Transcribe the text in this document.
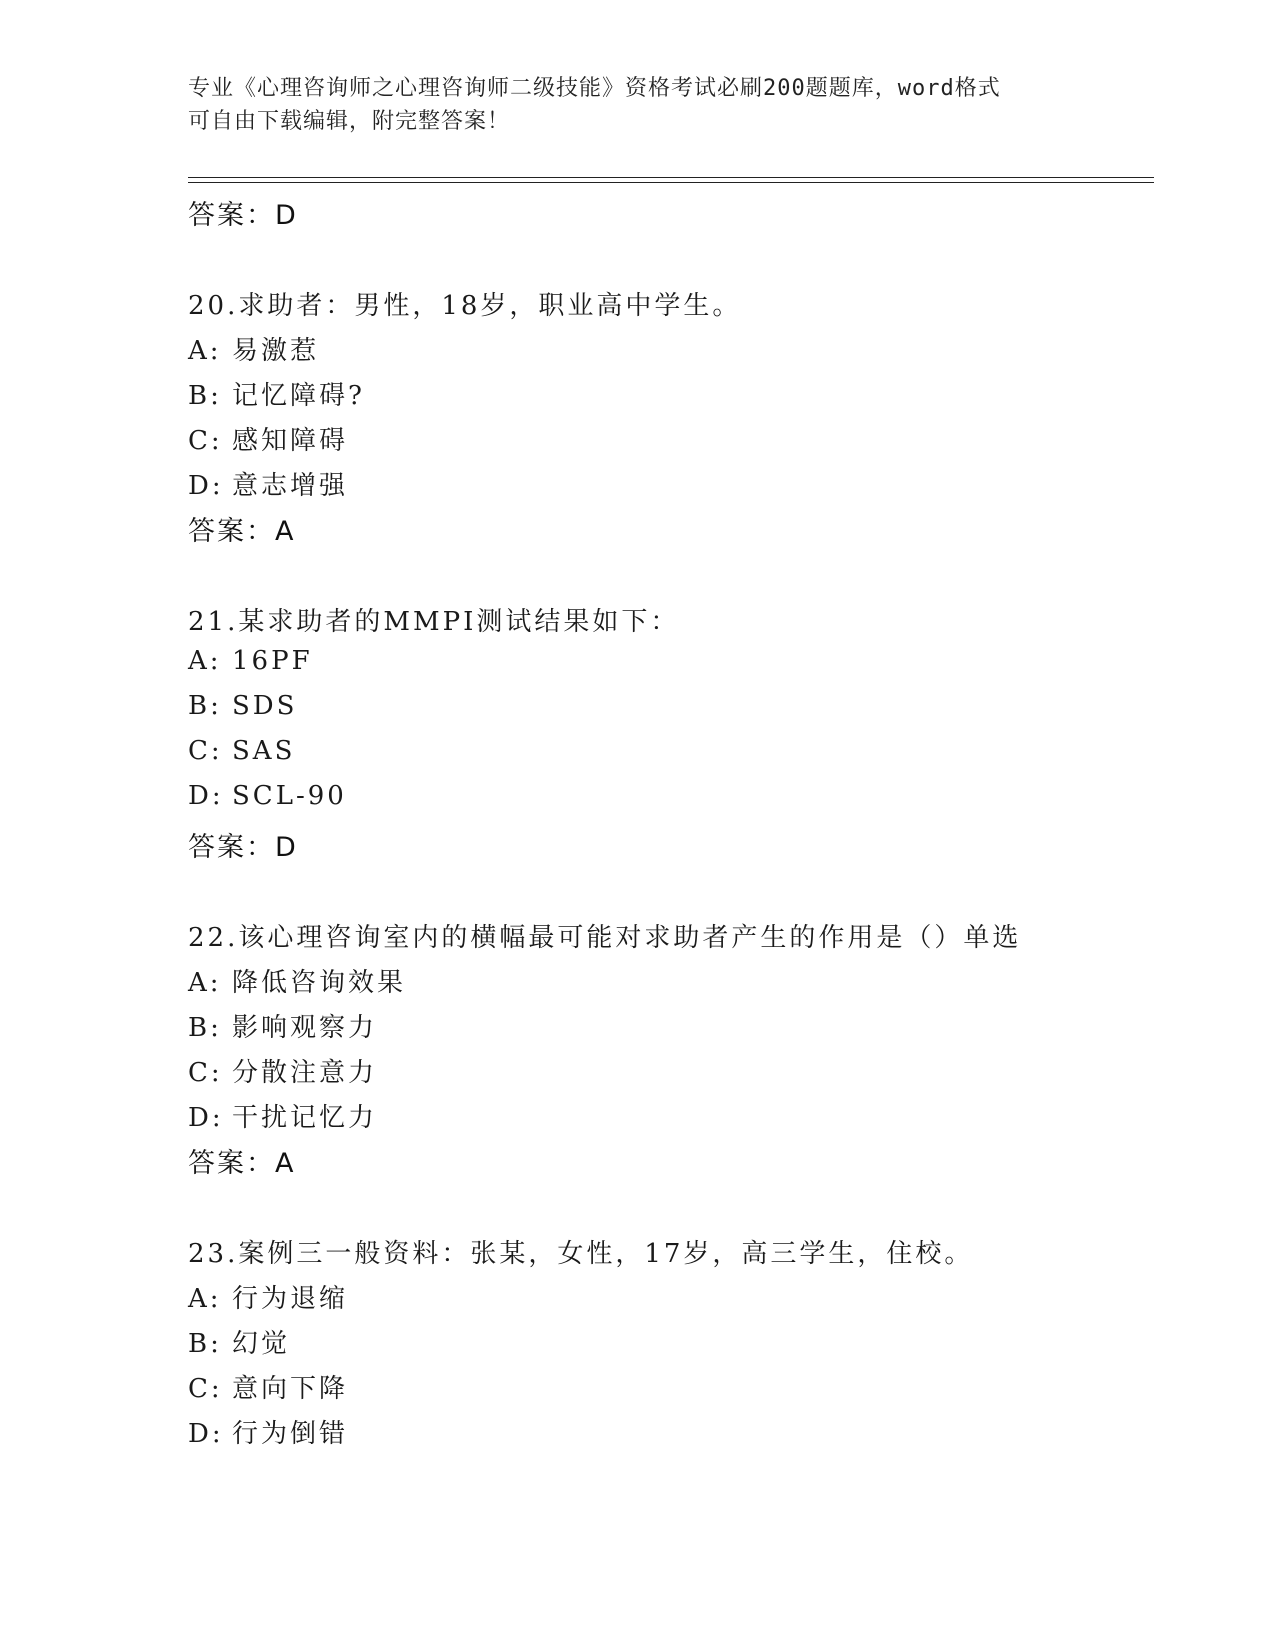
专业《心理咨询师之心理咨询师二级技能》资格考试必刷200题题库，word格式
可自由下载编辑，附完整答案！
答案：D
20.求助者：男性，18岁，职业高中学生。
A: 易激惹
B: 记忆障碍?
C: 感知障碍
D: 意志增强
答案：A
21.某求助者的MMPI测试结果如下：
A: 16PF
B: SDS
C: SAS
D: SCL-90
答案：D
22.该心理咨询室内的横幅最可能对求助者产生的作用是（）单选
A: 降低咨询效果
B: 影响观察力
C: 分散注意力
D: 干扰记忆力
答案：A
23.案例三一般资料：张某，女性，17岁，高三学生，住校。
A: 行为退缩
B: 幻觉
C: 意向下降
D: 行为倒错
